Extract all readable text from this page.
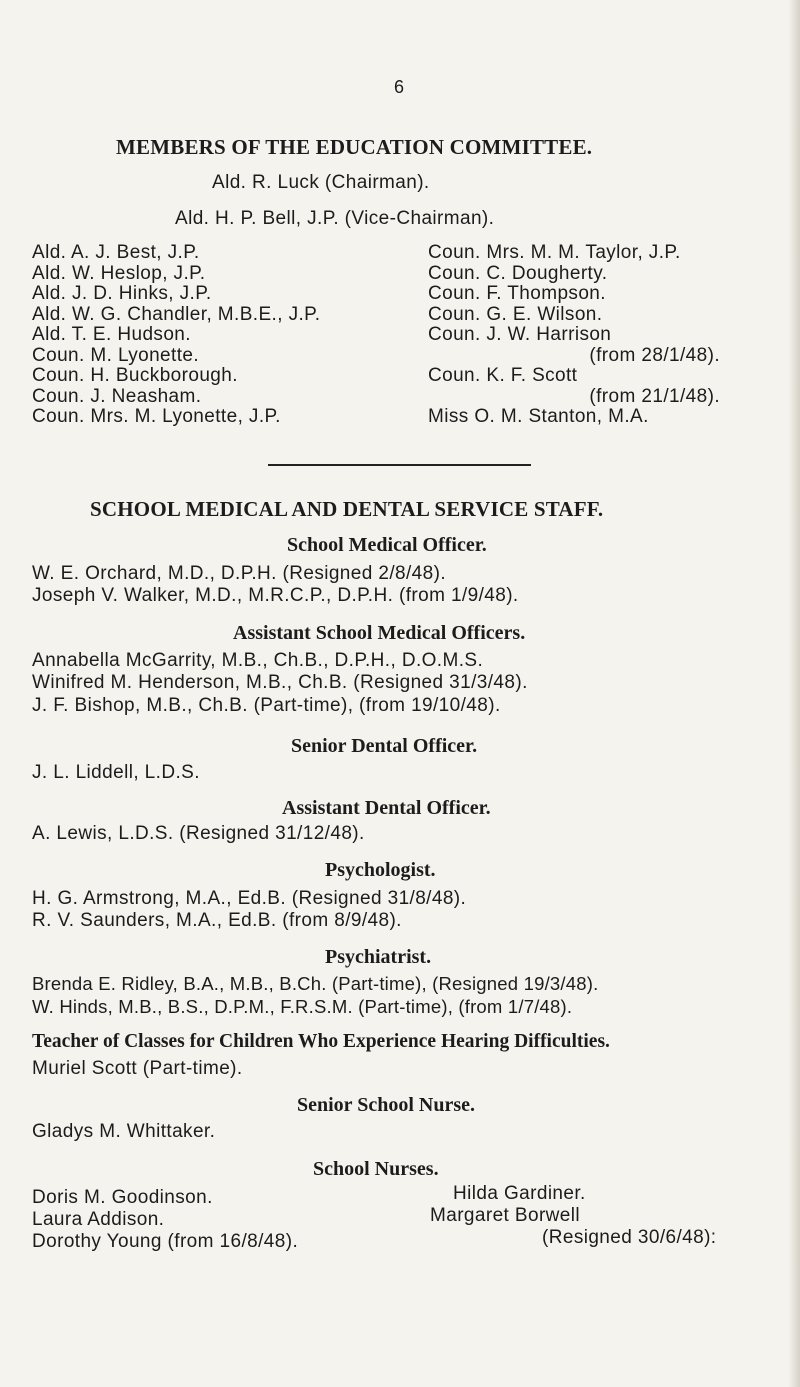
6
MEMBERS OF THE EDUCATION COMMITTEE.
Ald. R. Luck (Chairman).
Ald. H. P. Bell, J.P. (Vice-Chairman).
Ald. A. J. Best, J.P.
Ald. W. Heslop, J.P.
Ald. J. D. Hinks, J.P.
Ald. W. G. Chandler, M.B.E., J.P.
Ald. T. E. Hudson.
Coun. M. Lyonette.
Coun. H. Buckborough.
Coun. J. Neasham.
Coun. Mrs. M. Lyonette, J.P.
Coun. Mrs. M. M. Taylor, J.P.
Coun. C. Dougherty.
Coun. F. Thompson.
Coun. G. E. Wilson.
Coun. J. W. Harrison
(from 28/1/48).
Coun. K. F. Scott
(from 21/1/48).
Miss O. M. Stanton, M.A.
SCHOOL MEDICAL AND DENTAL SERVICE STAFF.
School Medical Officer.
W. E. Orchard, M.D., D.P.H. (Resigned 2/8/48).
Joseph V. Walker, M.D., M.R.C.P., D.P.H. (from 1/9/48).
Assistant School Medical Officers.
Annabella McGarrity, M.B., Ch.B., D.P.H., D.O.M.S.
Winifred M. Henderson, M.B., Ch.B. (Resigned 31/3/48).
J. F. Bishop, M.B., Ch.B. (Part-time), (from 19/10/48).
Senior Dental Officer.
J. L. Liddell, L.D.S.
Assistant Dental Officer.
A. Lewis, L.D.S. (Resigned 31/12/48).
Psychologist.
H. G. Armstrong, M.A., Ed.B. (Resigned 31/8/48).
R. V. Saunders, M.A., Ed.B. (from 8/9/48).
Psychiatrist.
Brenda E. Ridley, B.A., M.B., B.Ch. (Part-time), (Resigned 19/3/48).
W. Hinds, M.B., B.S., D.P.M., F.R.S.M. (Part-time), (from 1/7/48).
Teacher of Classes for Children Who Experience Hearing Difficulties.
Muriel Scott (Part-time).
Senior School Nurse.
Gladys M. Whittaker.
School Nurses.
Doris M. Goodinson.
Laura Addison.
Dorothy Young (from 16/8/48).
Hilda Gardiner.
Margaret Borwell
(Resigned 30/6/48):
